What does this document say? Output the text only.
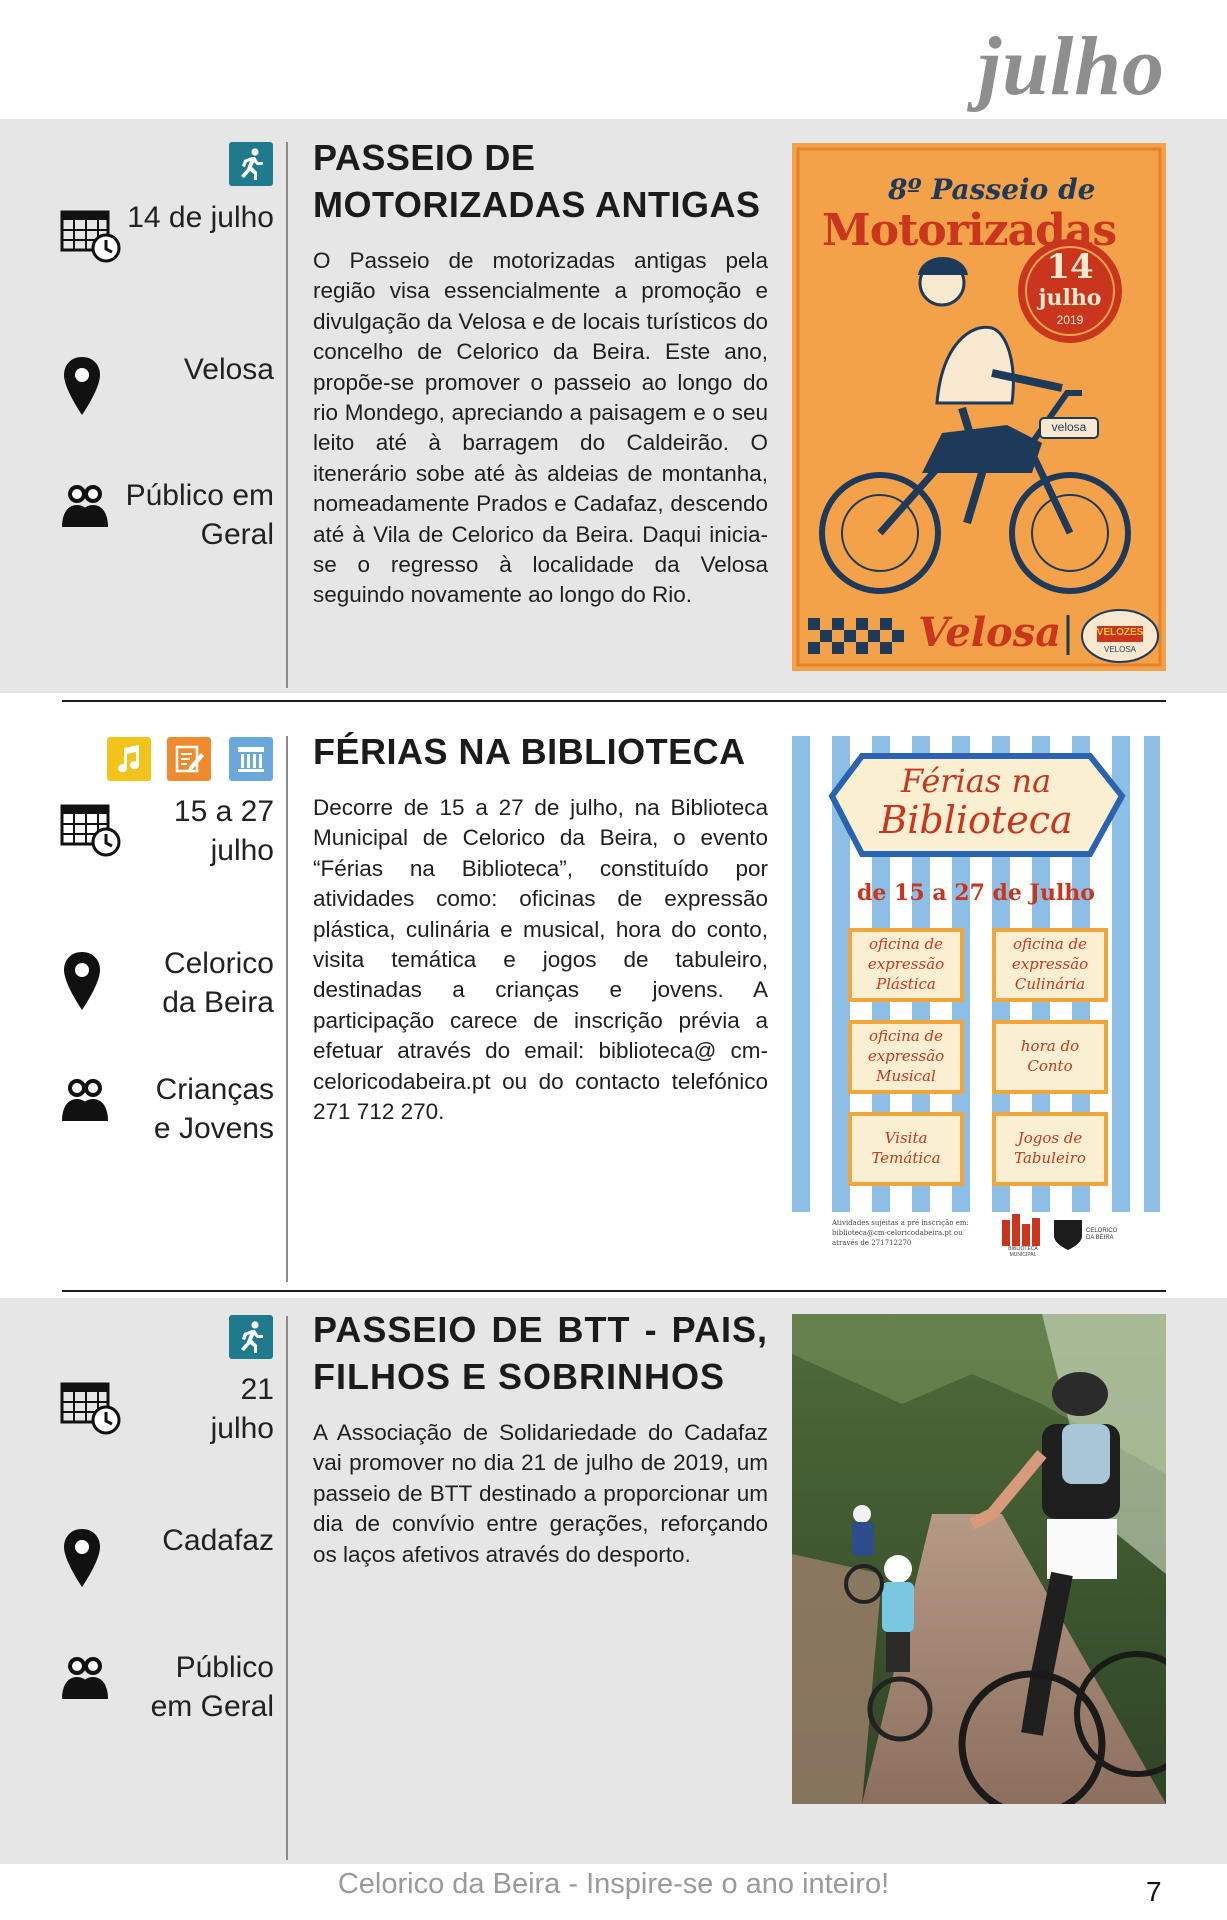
julho
14 de julho
Velosa
Público em Geral
PASSEIO DE MOTORIZADAS ANTIGAS
O Passeio de motorizadas antigas pela região visa essencialmente a promoção e divulgação da Velosa e de locais turísticos do concelho de Celorico da Beira. Este ano, propõe-se promover o passeio ao longo do rio Mondego, apreciando a paisagem e o seu leito até à barragem do Caldeirão. O itenerário sobe até às aldeias de montanha, nomeadamente Prados e Cadafaz, descendo até à Vila de Celorico da Beira. Daqui inicia-se o regresso à localidade da Velosa seguindo novamente ao longo do Rio.
8º Passeio de
Motorizadas
14
julho
2019
velosa
Velosa	VELOZES
VELOSA
15 a 27 julho
Celorico da Beira
Crianças e Jovens
FÉRIAS NA BIBLIOTECA
Decorre de 15 a 27 de julho, na Biblioteca Municipal de Celorico da Beira, o evento “Férias na Biblioteca”, constituído por atividades como: oficinas de expressão plástica, culinária e musical, hora do conto, visita temática e jogos de tabuleiro, destinadas a crianças e jovens. A participação carece de inscrição prévia a efetuar através do email: biblioteca@ cm-celoricodabeira.pt ou do contacto telefónico 271 712 270.
Férias na
Biblioteca
de 15 a 27 de Julho
oficina de
expressão
Plástica
oficina de
expressão
Culinária
oficina de
expressão
Musical
hora do
Conto
Visita
Temática
Jogos de
Tabuleiro
Atividades sujeitas a pré inscrição em:
biblioteca@cm-celoricodabeira.pt ou
através de 271712270
BIBLIOTECA MUNICIPAL
CELORICO
DA BEIRA
21 julho
Cadafaz
Público em Geral
PASSEIO DE BTT - PAIS, FILHOS E SOBRINHOS
A Associação de Solidariedade do Cadafaz vai promover no dia 21 de julho de 2019, um passeio de BTT destinado a proporcionar um dia de convívio entre gerações, reforçando os laços afetivos através do desporto.
Celorico da Beira - Inspire-se o ano inteiro!	7
